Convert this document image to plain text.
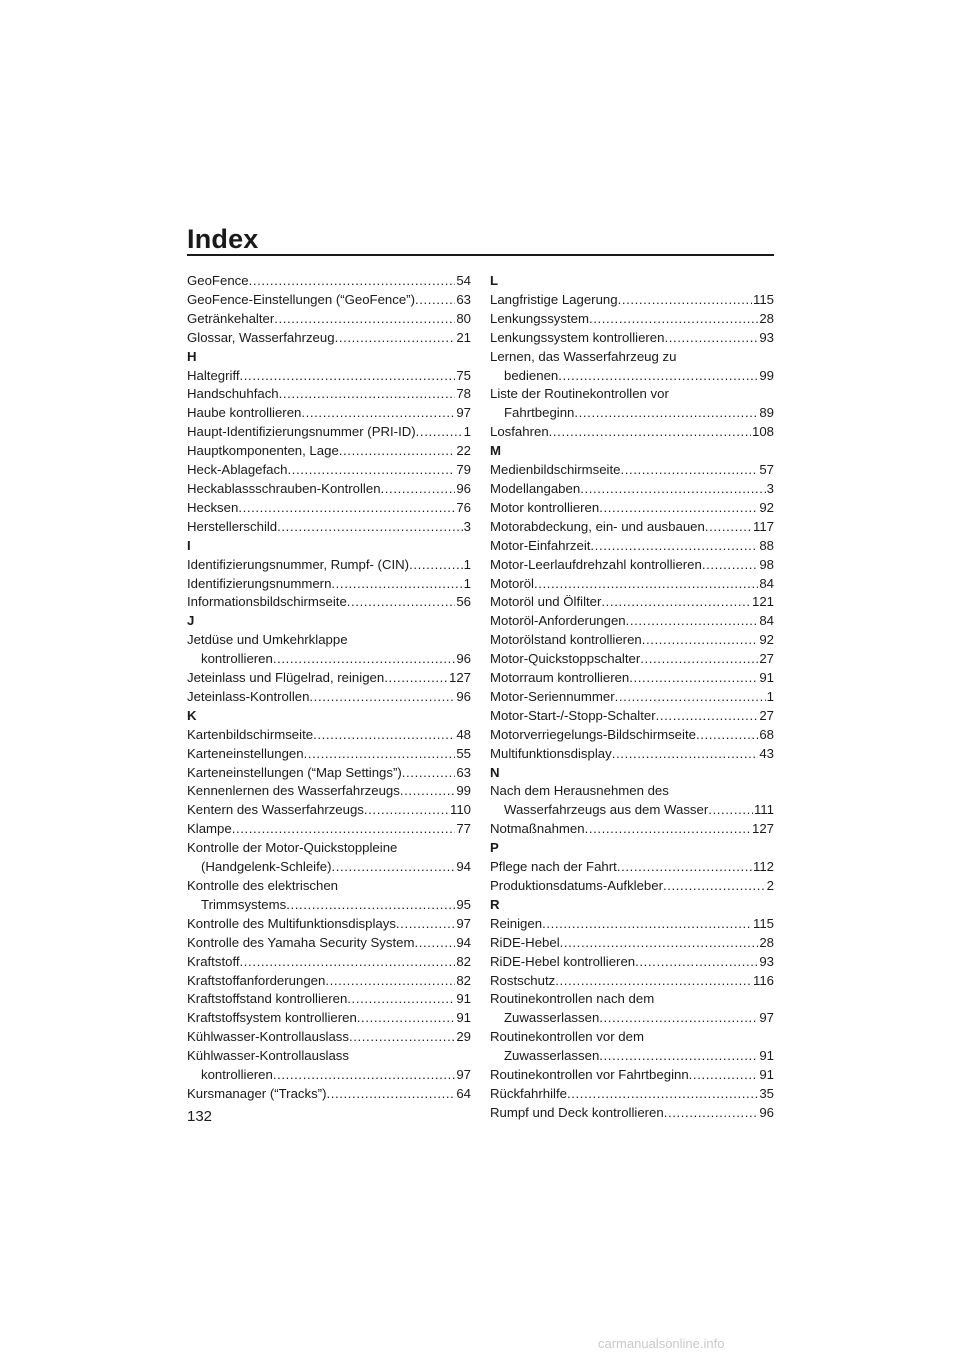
Index
GeoFence .....	54
GeoFence-Einstellungen (“GeoFence”) .....	63
Getränkehalter .....	80
Glossar, Wasserfahrzeug .....	21
H
Haltegriff .....	75
Handschuhfach .....	78
Haube kontrollieren .....	97
Haupt-Identifizierungsnummer (PRI-ID) .....	1
Hauptkomponenten, Lage .....	22
Heck-Ablagefach .....	79
Heckablassschrauben-Kontrollen .....	96
Hecksen .....	76
Herstellerschild .....	3
I
Identifizierungsnummer, Rumpf- (CIN) .....	1
Identifizierungsnummern .....	1
Informationsbildschirmseite .....	56
J
Jetdüse und Umkehrklappe
kontrollieren .....	96
Jeteinlass und Flügelrad, reinigen .....	127
Jeteinlass-Kontrollen .....	96
K
Kartenbildschirmseite .....	48
Karteneinstellungen .....	55
Karteneinstellungen (“Map Settings”) .....	63
Kennenlernen des Wasserfahrzeugs .....	99
Kentern des Wasserfahrzeugs .....	110
Klampe .....	77
Kontrolle der Motor-Quickstoppleine
(Handgelenk-Schleife) .....	94
Kontrolle des elektrischen
Trimmsystems .....	95
Kontrolle des Multifunktionsdisplays .....	97
Kontrolle des Yamaha Security System .....	94
Kraftstoff .....	82
Kraftstoffanforderungen .....	82
Kraftstoffstand kontrollieren .....	91
Kraftstoffsystem kontrollieren .....	91
Kühlwasser-Kontrollauslass .....	29
Kühlwasser-Kontrollauslass
kontrollieren .....	97
Kursmanager (“Tracks”) .....	64
L
Langfristige Lagerung .....	115
Lenkungssystem .....	28
Lenkungssystem kontrollieren .....	93
Lernen, das Wasserfahrzeug zu
bedienen .....	99
Liste der Routinekontrollen vor
Fahrtbeginn .....	89
Losfahren .....	108
M
Medienbildschirmseite .....	57
Modellangaben .....	3
Motor kontrollieren .....	92
Motorabdeckung, ein- und ausbauen .....	117
Motor-Einfahrzeit .....	88
Motor-Leerlaufdrehzahl kontrollieren .....	98
Motoröl .....	84
Motoröl und Ölfilter .....	121
Motoröl-Anforderungen .....	84
Motorölstand kontrollieren .....	92
Motor-Quickstoppschalter .....	27
Motorraum kontrollieren .....	91
Motor-Seriennummer .....	1
Motor-Start-/-Stopp-Schalter .....	27
Motorverriegelungs-Bildschirmseite .....	68
Multifunktionsdisplay .....	43
N
Nach dem Herausnehmen des
Wasserfahrzeugs aus dem Wasser .....	111
Notmaßnahmen .....	127
P
Pflege nach der Fahrt .....	112
Produktionsdatums-Aufkleber .....	2
R
Reinigen .....	115
RiDE-Hebel .....	28
RiDE-Hebel kontrollieren .....	93
Rostschutz .....	116
Routinekontrollen nach dem
Zuwasserlassen .....	97
Routinekontrollen vor dem
Zuwasserlassen .....	91
Routinekontrollen vor Fahrtbeginn .....	91
Rückfahrhilfe .....	35
Rumpf und Deck kontrollieren .....	96
132
carmanualsonline.info
